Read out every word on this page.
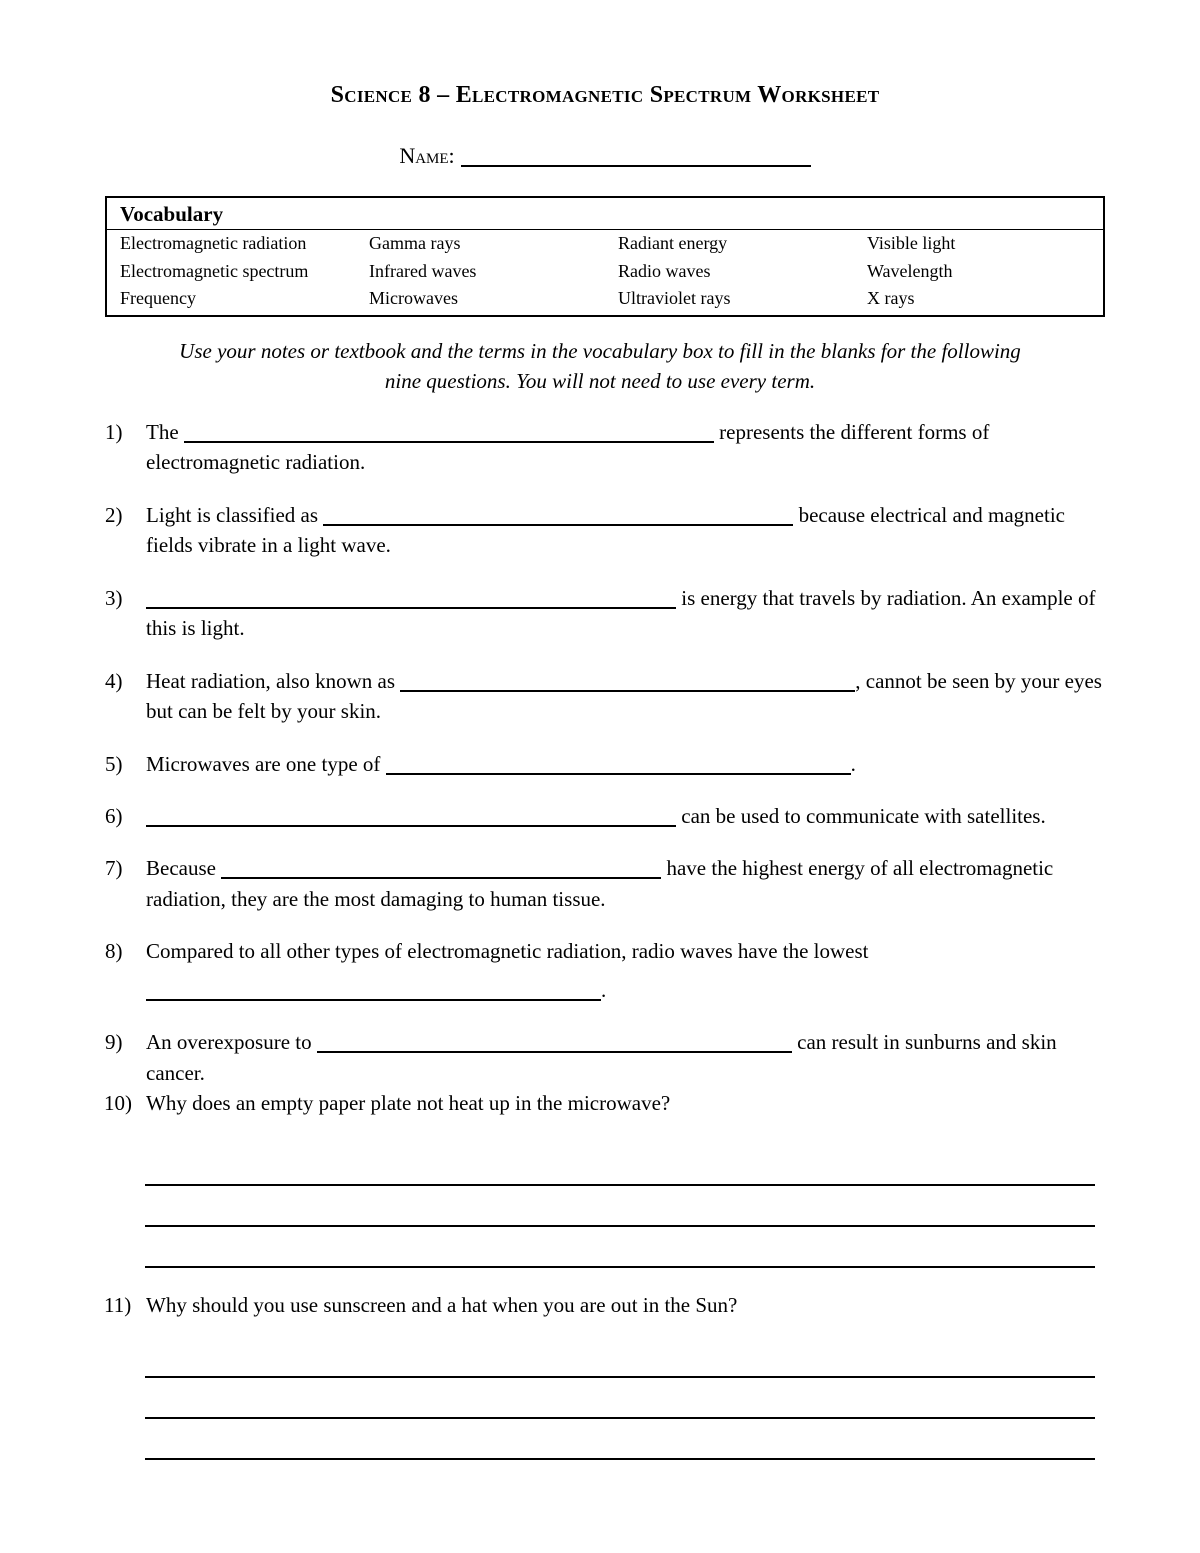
Science 8 – Electromagnetic Spectrum Worksheet
Name:
Vocabulary
Electromagnetic radiation	Gamma rays	Radiant energy	Visible light
Electromagnetic spectrum	Infrared waves	Radio waves	Wavelength
Frequency	Microwaves	Ultraviolet rays	X rays
Use your notes or textbook and the terms in the vocabulary box to fill in the blanks for the following nine questions. You will not need to use every term.
1)	The	represents the different forms of electromagnetic radiation.
2)	Light is classified as	because electrical and magnetic fields vibrate in a light wave.
3)	is energy that travels by radiation. An example of this is light.
4)	Heat radiation, also known as	, cannot be seen by your eyes but can be felt by your skin.
5)	Microwaves are one type of	.
6)	can be used to communicate with satellites.
7)	Because	have the highest energy of all electromagnetic radiation, they are the most damaging to human tissue.
8)	Compared to all other types of electromagnetic radiation, radio waves have the lowest
.
9)	An overexposure to	can result in sunburns and skin cancer.
10) Why does an empty paper plate not heat up in the microwave?
11) Why should you use sunscreen and a hat when you are out in the Sun?
